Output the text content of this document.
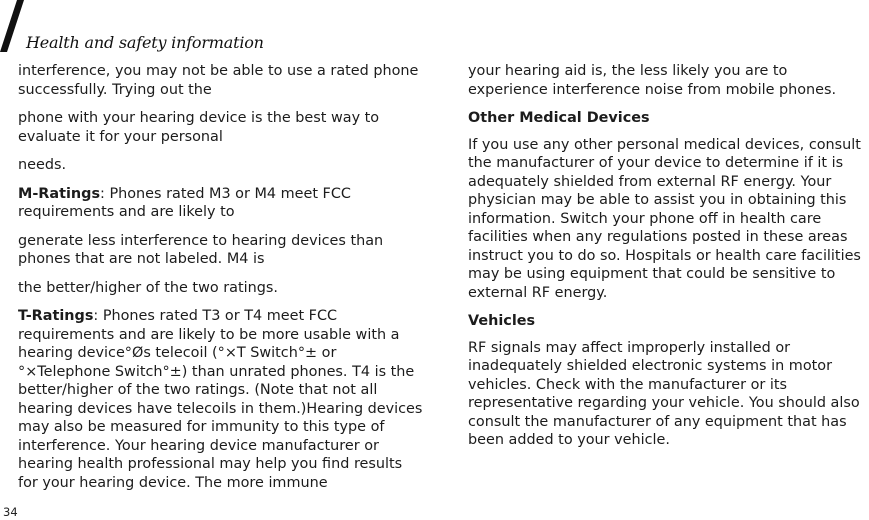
Health and safety information

interference, you may not be able to use a rated phone successfully. Trying out the

phone with your hearing device is the best way to evaluate it for your personal

needs.

M-Ratings: Phones rated M3 or M4 meet FCC requirements and are likely to

generate less interference to hearing devices than phones that are not labeled. M4 is

the better/higher of the two ratings.

T-Ratings: Phones rated T3 or T4 meet FCC requirements and are likely to be more usable with a hearing device°Øs telecoil (°×T Switch°± or °×Telephone Switch°±) than unrated phones. T4 is the better/higher of the two ratings. (Note that not all hearing devices have telecoils in them.)Hearing devices may also be measured for immunity to this type of interference. Your hearing device manufacturer or hearing health professional may help you find results for your hearing device. The more immune

your hearing aid is, the less likely you are to experience interference noise from mobile phones.

Other Medical Devices

If you use any other personal medical devices, consult the manufacturer of your device to determine if it is adequately shielded from external RF energy. Your physician may be able to assist you in obtaining this information. Switch your phone off in health care facilities when any regulations posted in these areas instruct you to do so. Hospitals or health care facilities may be using equipment that could be sensitive to external RF energy.

Vehicles

RF signals may affect improperly installed or inadequately shielded electronic systems in motor vehicles. Check with the manufacturer or its representative regarding your vehicle. You should also consult the manufacturer of any equipment that has been added to your vehicle.

34
